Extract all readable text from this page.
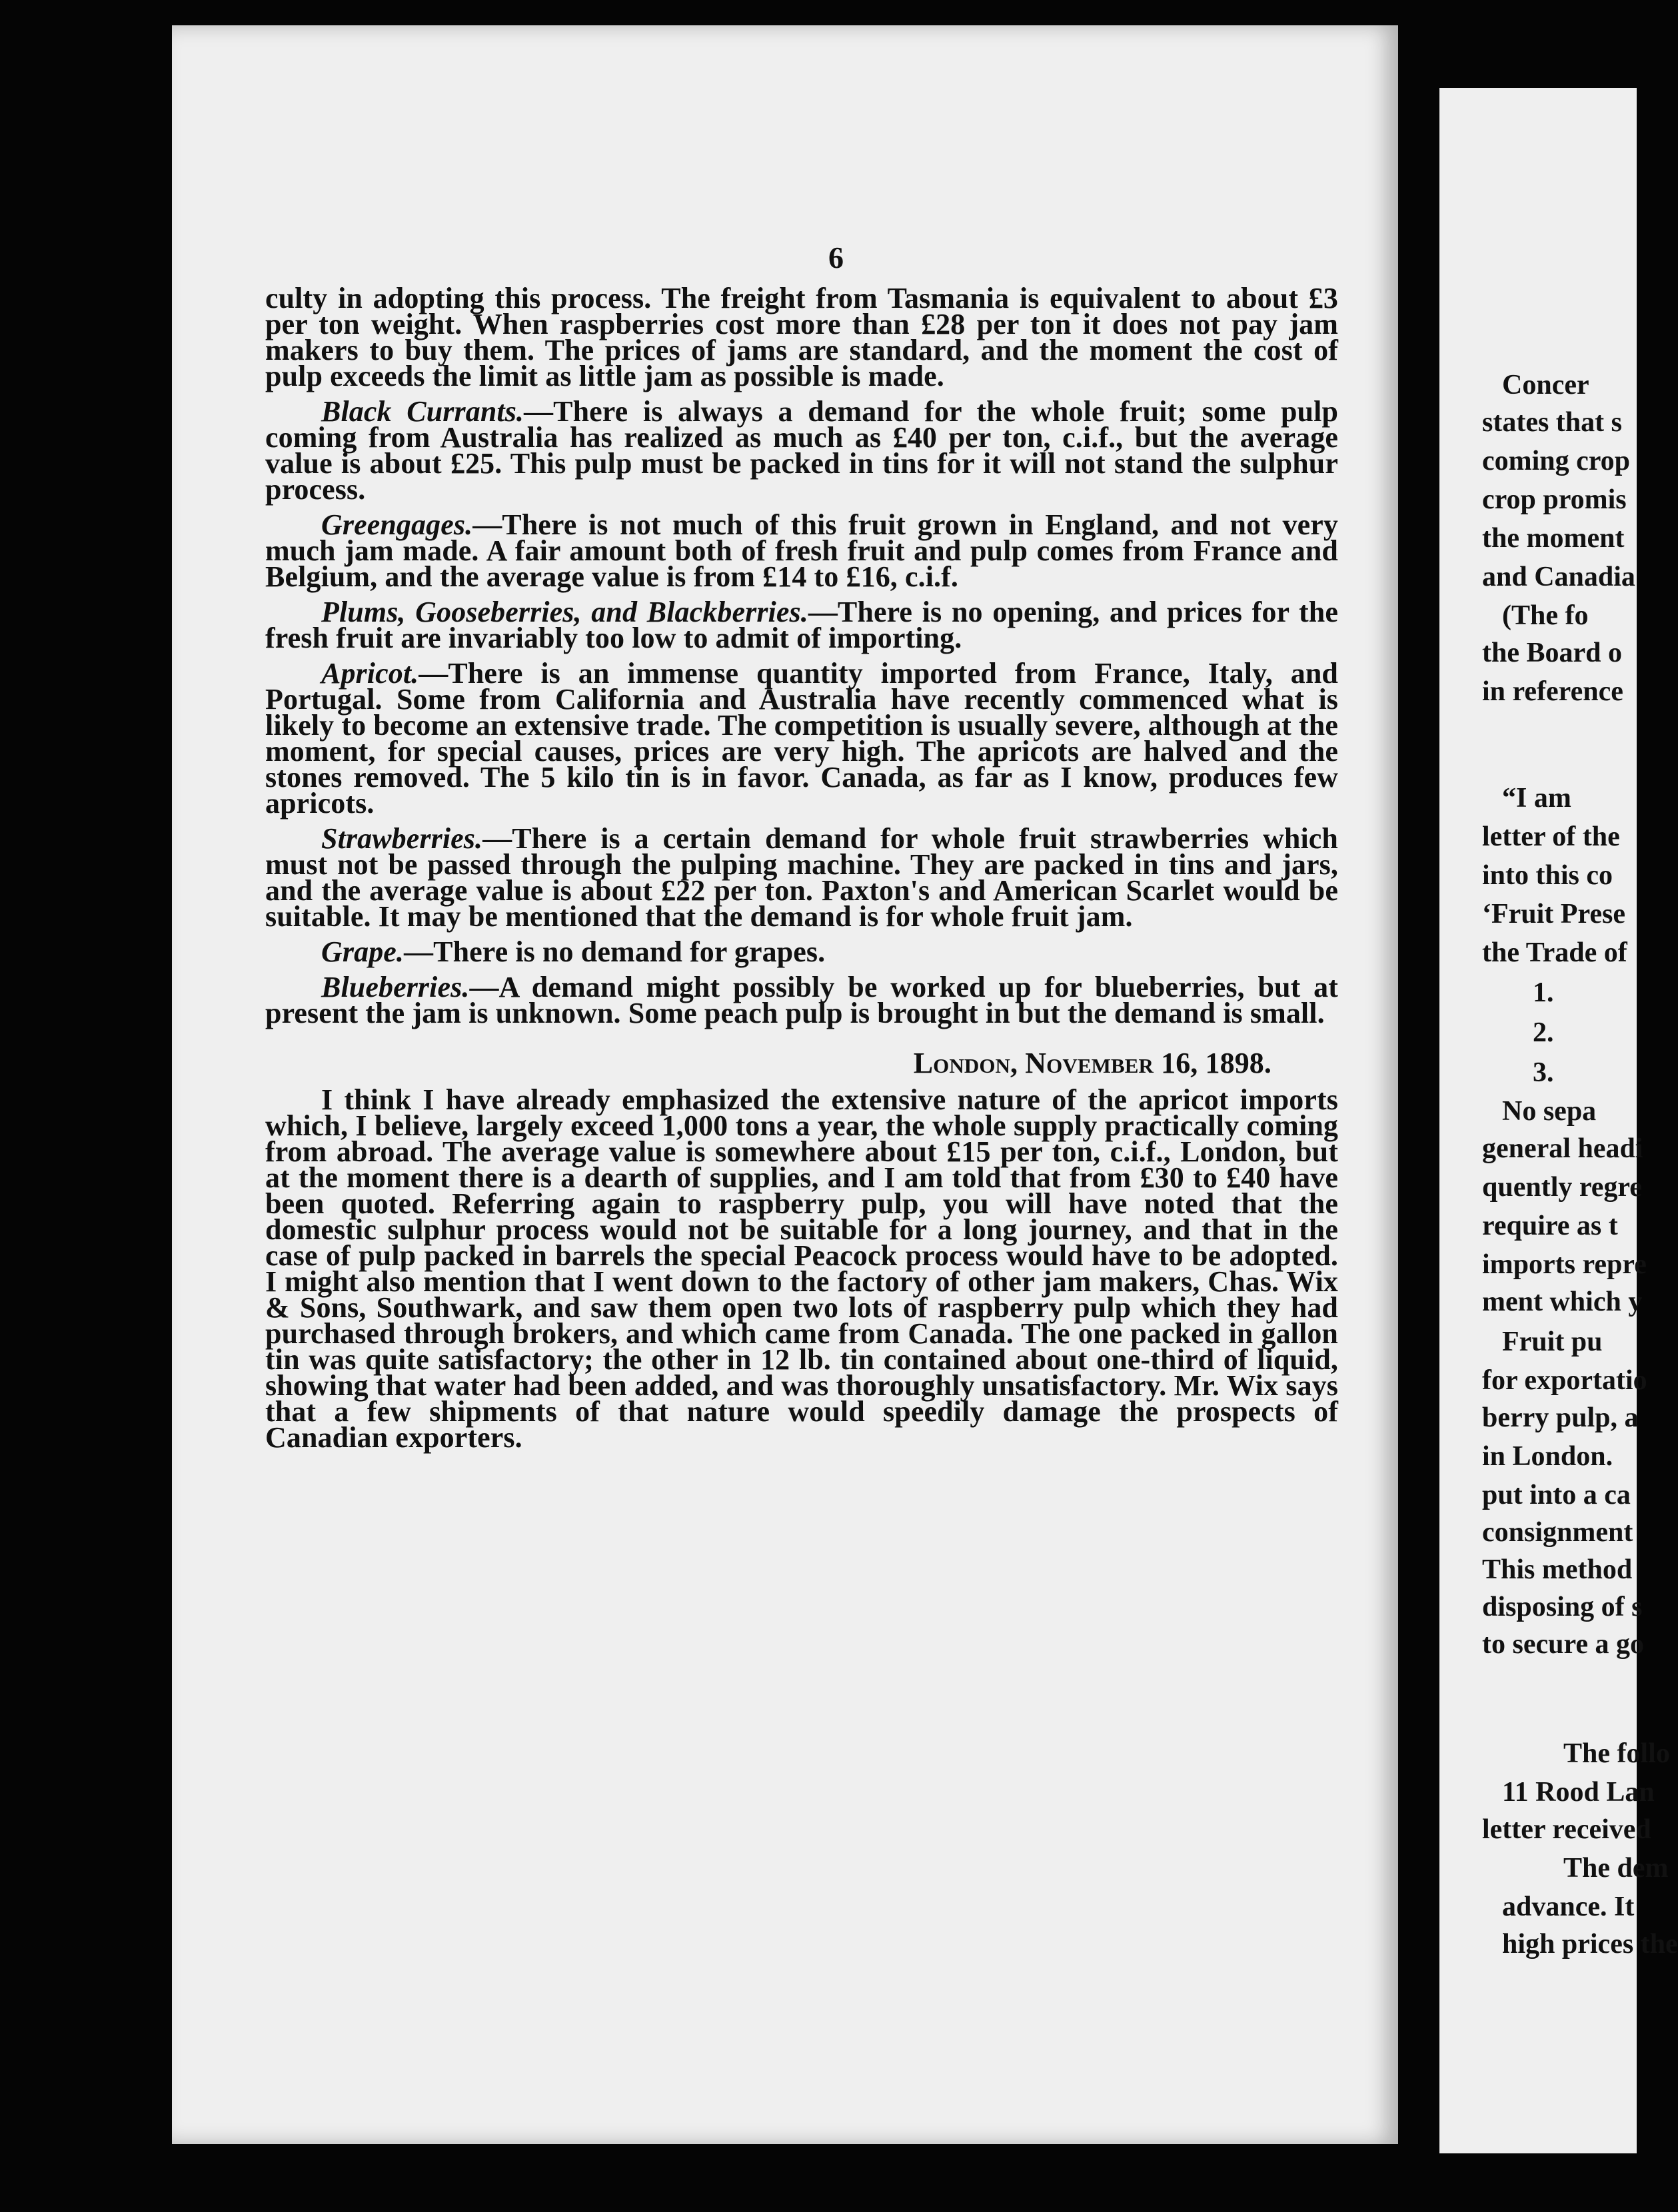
6

culty in adopting this process. The freight from Tasmania is equivalent to about £3 per ton weight. When raspberries cost more than £28 per ton it does not pay jam makers to buy them. The prices of jams are standard, and the moment the cost of pulp exceeds the limit as little jam as possible is made.

Black Currants.—There is always a demand for the whole fruit; some pulp coming from Australia has realized as much as £40 per ton, c.i.f., but the average value is about £25. This pulp must be packed in tins for it will not stand the sulphur process.

Greengages.—There is not much of this fruit grown in England, and not very much jam made. A fair amount both of fresh fruit and pulp comes from France and Belgium, and the average value is from £14 to £16, c.i.f.

Plums, Gooseberries, and Blackberries.—There is no opening, and prices for the fresh fruit are invariably too low to admit of importing.

Apricot.—There is an immense quantity imported from France, Italy, and Portugal. Some from California and Australia have recently commenced what is likely to become an extensive trade. The competition is usually severe, although at the moment, for special causes, prices are very high. The apricots are halved and the stones removed. The 5 kilo tin is in favor. Canada, as far as I know, produces few apricots.

Strawberries.—There is a certain demand for whole fruit strawberries which must not be passed through the pulping machine. They are packed in tins and jars, and the average value is about £22 per ton. Paxton's and American Scarlet would be suitable. It may be mentioned that the demand is for whole fruit jam.

Grape.—There is no demand for grapes.

Blueberries.—A demand might possibly be worked up for blueberries, but at present the jam is unknown. Some peach pulp is brought in but the demand is small.

London, November 16, 1898.

I think I have already emphasized the extensive nature of the apricot imports which, I believe, largely exceed 1,000 tons a year, the whole supply practically coming from abroad. The average value is somewhere about £15 per ton, c.i.f., London, but at the moment there is a dearth of supplies, and I am told that from £30 to £40 have been quoted. Referring again to raspberry pulp, you will have noted that the domestic sulphur process would not be suitable for a long journey, and that in the case of pulp packed in barrels the special Peacock process would have to be adopted. I might also mention that I went down to the factory of other jam makers, Chas. Wix & Sons, Southwark, and saw them open two lots of raspberry pulp which they had purchased through brokers, and which came from Canada. The one packed in gallon tin was quite satisfactory; the other in 12 lb. tin contained about one-third of liquid, showing that water had been added, and was thoroughly unsatisfactory. Mr. Wix says that a few shipments of that nature would speedily damage the prospects of Canadian exporters.

Concer
states that s
coming crop
crop promis
the moment
and Canadia
(The fo
the Board o
in reference
“I am
letter of the
into this co
‘Fruit Prese
the Trade of
1.
2.
3.
No sepa
general headi
quently regre
require as t
imports repre
ment which y
Fruit pu
for exportatio
berry pulp, a
in London.
put into a ca
consignment
This method
disposing of s
to secure a go
The follo
11 Rood Lan
letter received
The dem
advance. It
high prices the
